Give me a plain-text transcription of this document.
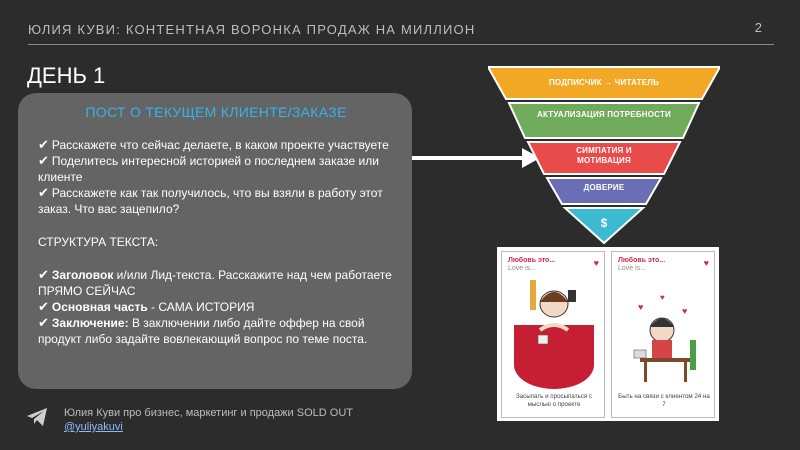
ЮЛИЯ КУВИ: КОНТЕНТНАЯ ВОРОНКА ПРОДАЖ НА МИЛЛИОН	2
ДЕНЬ 1
ПОСТ О ТЕКУЩЕМ КЛИЕНТЕ/ЗАКАЗЕ

✔ Расскажете что сейчас делаете, в каком проекте участвуете

✔ Поделитесь интересной историей о последнем заказе или клиенте

✔ Расскажете как так получилось, что вы взяли в работу этот заказ. Что вас зацепило?

СТРУКТУРА ТЕКСТА:

✔ Заголовок и/или Лид-текста. Расскажите над чем работаете ПРЯМО СЕЙЧАС

✔ Основная часть - САМА ИСТОРИЯ

✔ Заключение: В заключении либо дайте оффер на свой продукт либо задайте вовлекающий вопрос по теме поста.

ПОДПИСЧИК → ЧИТАТЕЛЬ
АКТУАЛИЗАЦИЯ ПОТРЕБНОСТИ
СИМПАТИЯ И МОТИВАЦИЯ
ДОВЕРИЕ
$
Любовь это...
Love is...
♥
Засыпать и просыпаться с мыслью о проекте
Любовь это...
Love is...
♥
♥
♥
♥
Быть на связи с клиентом 24 на 7
Юлия Куви про бизнес, маркетинг и продажи SOLD OUT
@yuliyakuvi
